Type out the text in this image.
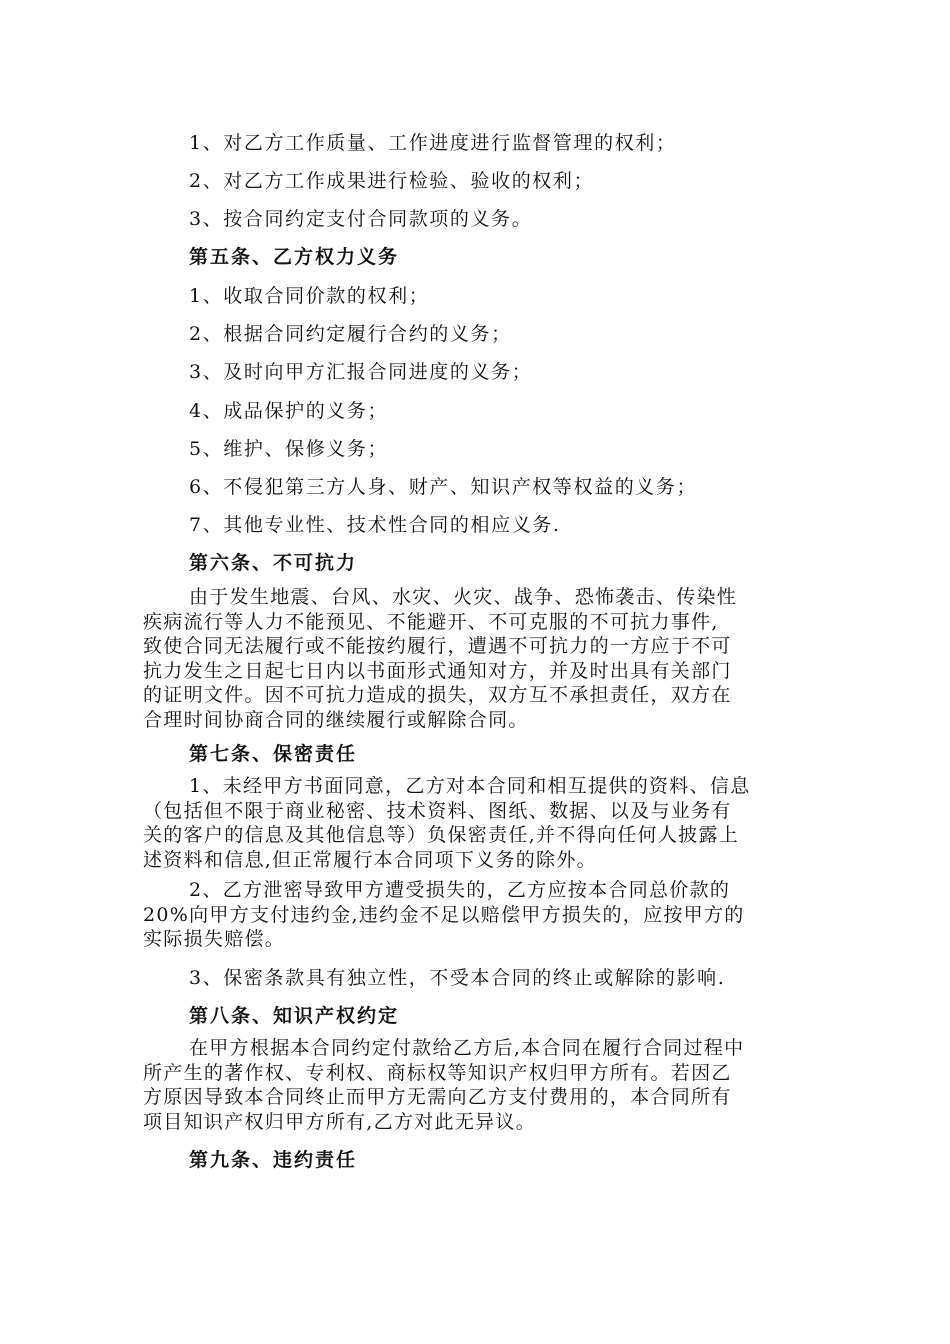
1、对乙方工作质量、工作进度进行监督管理的权利；
2、对乙方工作成果进行检验、验收的权利；
3、按合同约定支付合同款项的义务。
第五条、乙方权力义务
1、收取合同价款的权利；
2、根据合同约定履行合约的义务；
3、及时向甲方汇报合同进度的义务；
4、成品保护的义务；
5、维护、保修义务；
6、不侵犯第三方人身、财产、知识产权等权益的义务；
7、其他专业性、技术性合同的相应义务.
第六条、不可抗力
由于发生地震、台风、水灾、火灾、战争、恐怖袭击、传染性
疾病流行等人力不能预见、不能避开、不可克服的不可抗力事件,
致使合同无法履行或不能按约履行，遭遇不可抗力的一方应于不可
抗力发生之日起七日内以书面形式通知对方，并及时出具有关部门
的证明文件。因不可抗力造成的损失，双方互不承担责任，双方在
合理时间协商合同的继续履行或解除合同。
第七条、保密责任
1、未经甲方书面同意，乙方对本合同和相互提供的资料、信息
（包括但不限于商业秘密、技术资料、图纸、数据、以及与业务有
关的客户的信息及其他信息等）负保密责任,并不得向任何人披露上
述资料和信息,但正常履行本合同项下义务的除外。
2、乙方泄密导致甲方遭受损失的，乙方应按本合同总价款的
20%向甲方支付违约金,违约金不足以赔偿甲方损失的，应按甲方的
实际损失赔偿。
3、保密条款具有独立性，不受本合同的终止或解除的影响.
第八条、知识产权约定
在甲方根据本合同约定付款给乙方后,本合同在履行合同过程中
所产生的著作权、专利权、商标权等知识产权归甲方所有。若因乙
方原因导致本合同终止而甲方无需向乙方支付费用的，本合同所有
项目知识产权归甲方所有,乙方对此无异议。
第九条、违约责任
